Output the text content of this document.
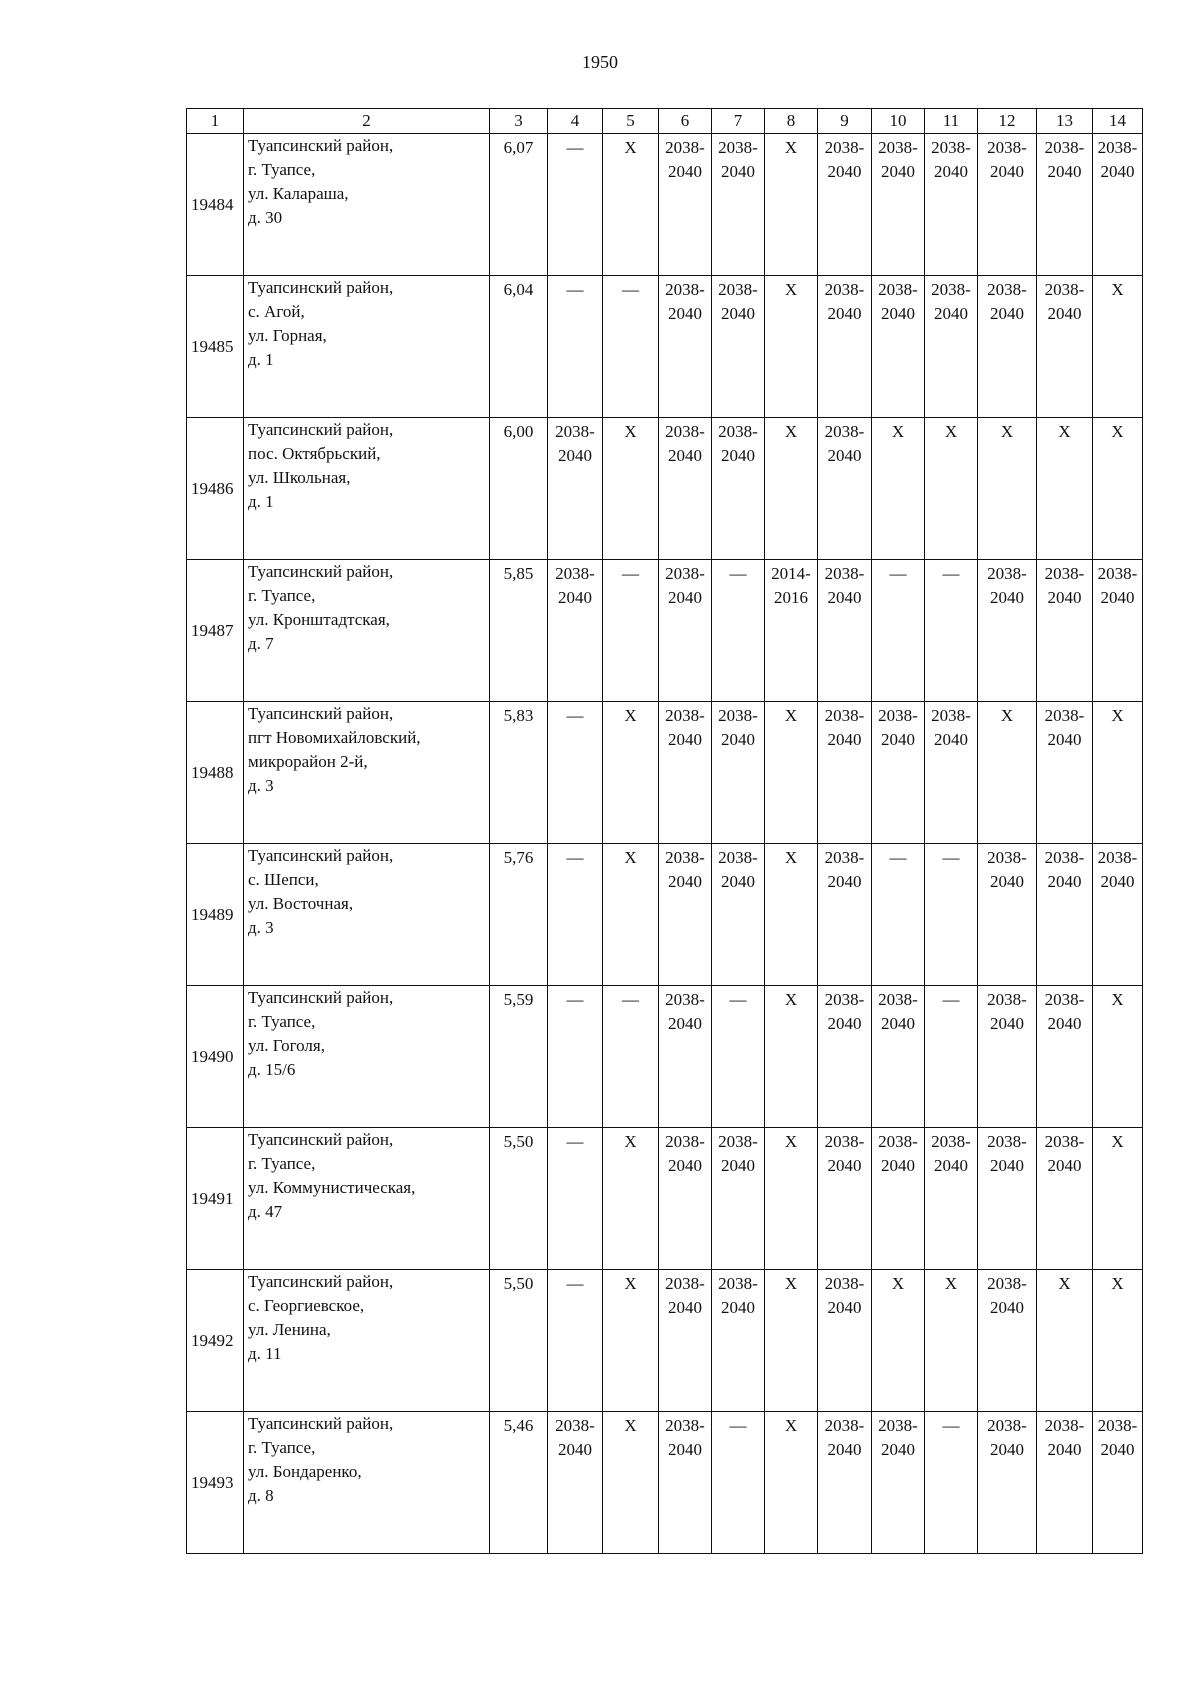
1950
1	2	3	4	5	6	7	8	9	10	11	12	13	14
19484	Туапсинский район,
г. Туапсе,
ул. Калараша,
д. 30	6,07	—	X	2038-2040	2038-2040	X	2038-2040	2038-2040	2038-2040	2038-2040	2038-2040	2038-2040
19485	Туапсинский район,
с. Агой,
ул. Горная,
д. 1	6,04	—	—	2038-2040	2038-2040	X	2038-2040	2038-2040	2038-2040	2038-2040	2038-2040	X
19486	Туапсинский район,
пос. Октябрьский,
ул. Школьная,
д. 1	6,00	2038-2040	X	2038-2040	2038-2040	X	2038-2040	X	X	X	X	X
19487	Туапсинский район,
г. Туапсе,
ул. Кронштадтская,
д. 7	5,85	2038-2040	—	2038-2040	—	2014-2016	2038-2040	—	—	2038-2040	2038-2040	2038-2040
19488	Туапсинский район,
пгт Новомихайловский,
микрорайон 2-й,
д. 3	5,83	—	X	2038-2040	2038-2040	X	2038-2040	2038-2040	2038-2040	X	2038-2040	X
19489	Туапсинский район,
с. Шепси,
ул. Восточная,
д. 3	5,76	—	X	2038-2040	2038-2040	X	2038-2040	—	—	2038-2040	2038-2040	2038-2040
19490	Туапсинский район,
г. Туапсе,
ул. Гоголя,
д. 15/6	5,59	—	—	2038-2040	—	X	2038-2040	2038-2040	—	2038-2040	2038-2040	X
19491	Туапсинский район,
г. Туапсе,
ул. Коммунистическая,
д. 47	5,50	—	X	2038-2040	2038-2040	X	2038-2040	2038-2040	2038-2040	2038-2040	2038-2040	X
19492	Туапсинский район,
с. Георгиевское,
ул. Ленина,
д. 11	5,50	—	X	2038-2040	2038-2040	X	2038-2040	X	X	2038-2040	X	X
19493	Туапсинский район,
г. Туапсе,
ул. Бондаренко,
д. 8	5,46	2038-2040	X	2038-2040	—	X	2038-2040	2038-2040	—	2038-2040	2038-2040	2038-2040
